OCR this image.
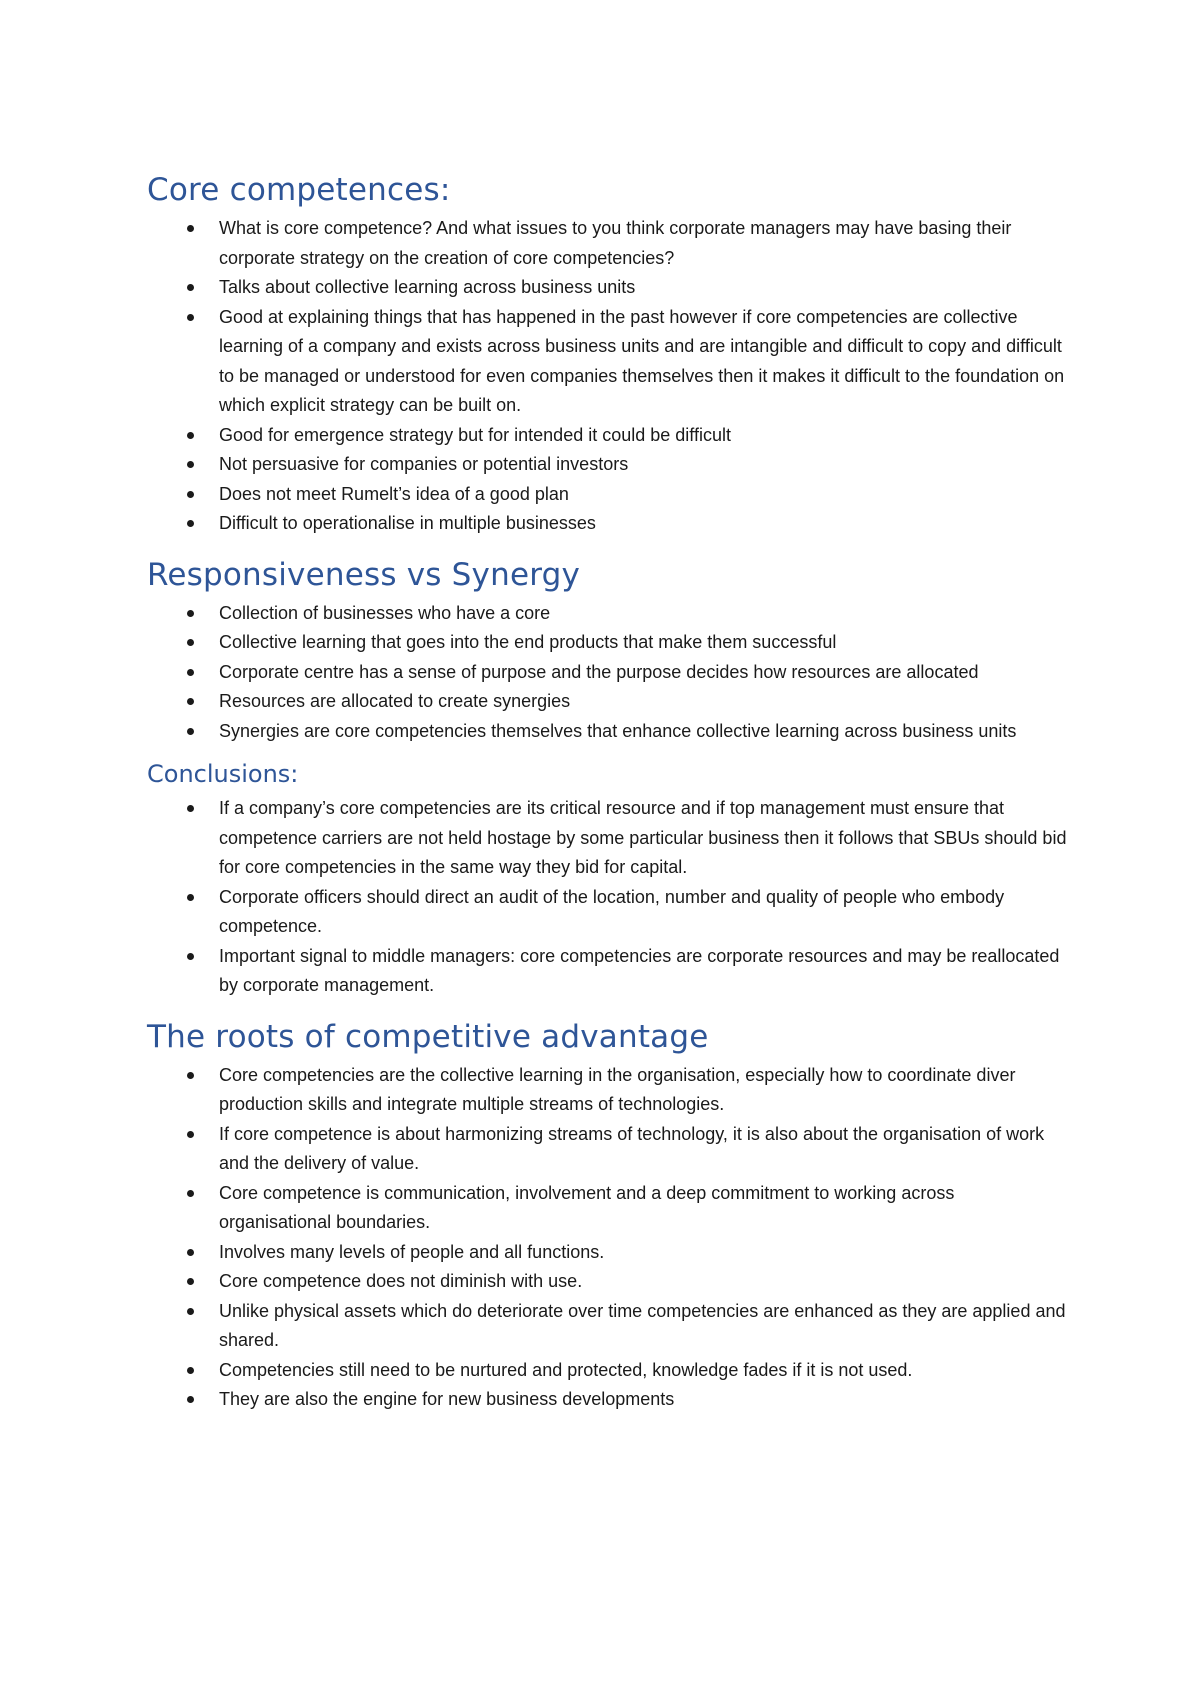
Core competences:
What is core competence? And what issues to you think corporate managers may have basing their corporate strategy on the creation of core competencies?
Talks about collective learning across business units
Good at explaining things that has happened in the past however if core competencies are collective learning of a company and exists across business units and are intangible and difficult to copy and difficult to be managed or understood for even companies themselves then it makes it difficult to the foundation on which explicit strategy can be built on.
Good for emergence strategy but for intended it could be difficult
Not persuasive for companies or potential investors
Does not meet Rumelt’s idea of a good plan
Difficult to operationalise in multiple businesses
Responsiveness vs Synergy
Collection of businesses who have a core
Collective learning that goes into the end products that make them successful
Corporate centre has a sense of purpose and the purpose decides how resources are allocated
Resources are allocated to create synergies
Synergies are core competencies themselves that enhance collective learning across business units
Conclusions:
If a company’s core competencies are its critical resource and if top management must ensure that competence carriers are not held hostage by some particular business then it follows that SBUs should bid for core competencies in the same way they bid for capital.
Corporate officers should direct an audit of the location, number and quality of people who embody competence.
Important signal to middle managers: core competencies are corporate resources and may be reallocated by corporate management.
The roots of competitive advantage
Core competencies are the collective learning in the organisation, especially how to coordinate diver production skills and integrate multiple streams of technologies.
If core competence is about harmonizing streams of technology, it is also about the organisation of work and the delivery of value.
Core competence is communication, involvement and a deep commitment to working across organisational boundaries.
Involves many levels of people and all functions.
Core competence does not diminish with use.
Unlike physical assets which do deteriorate over time competencies are enhanced as they are applied and shared.
Competencies still need to be nurtured and protected, knowledge fades if it is not used.
They are also the engine for new business developments
